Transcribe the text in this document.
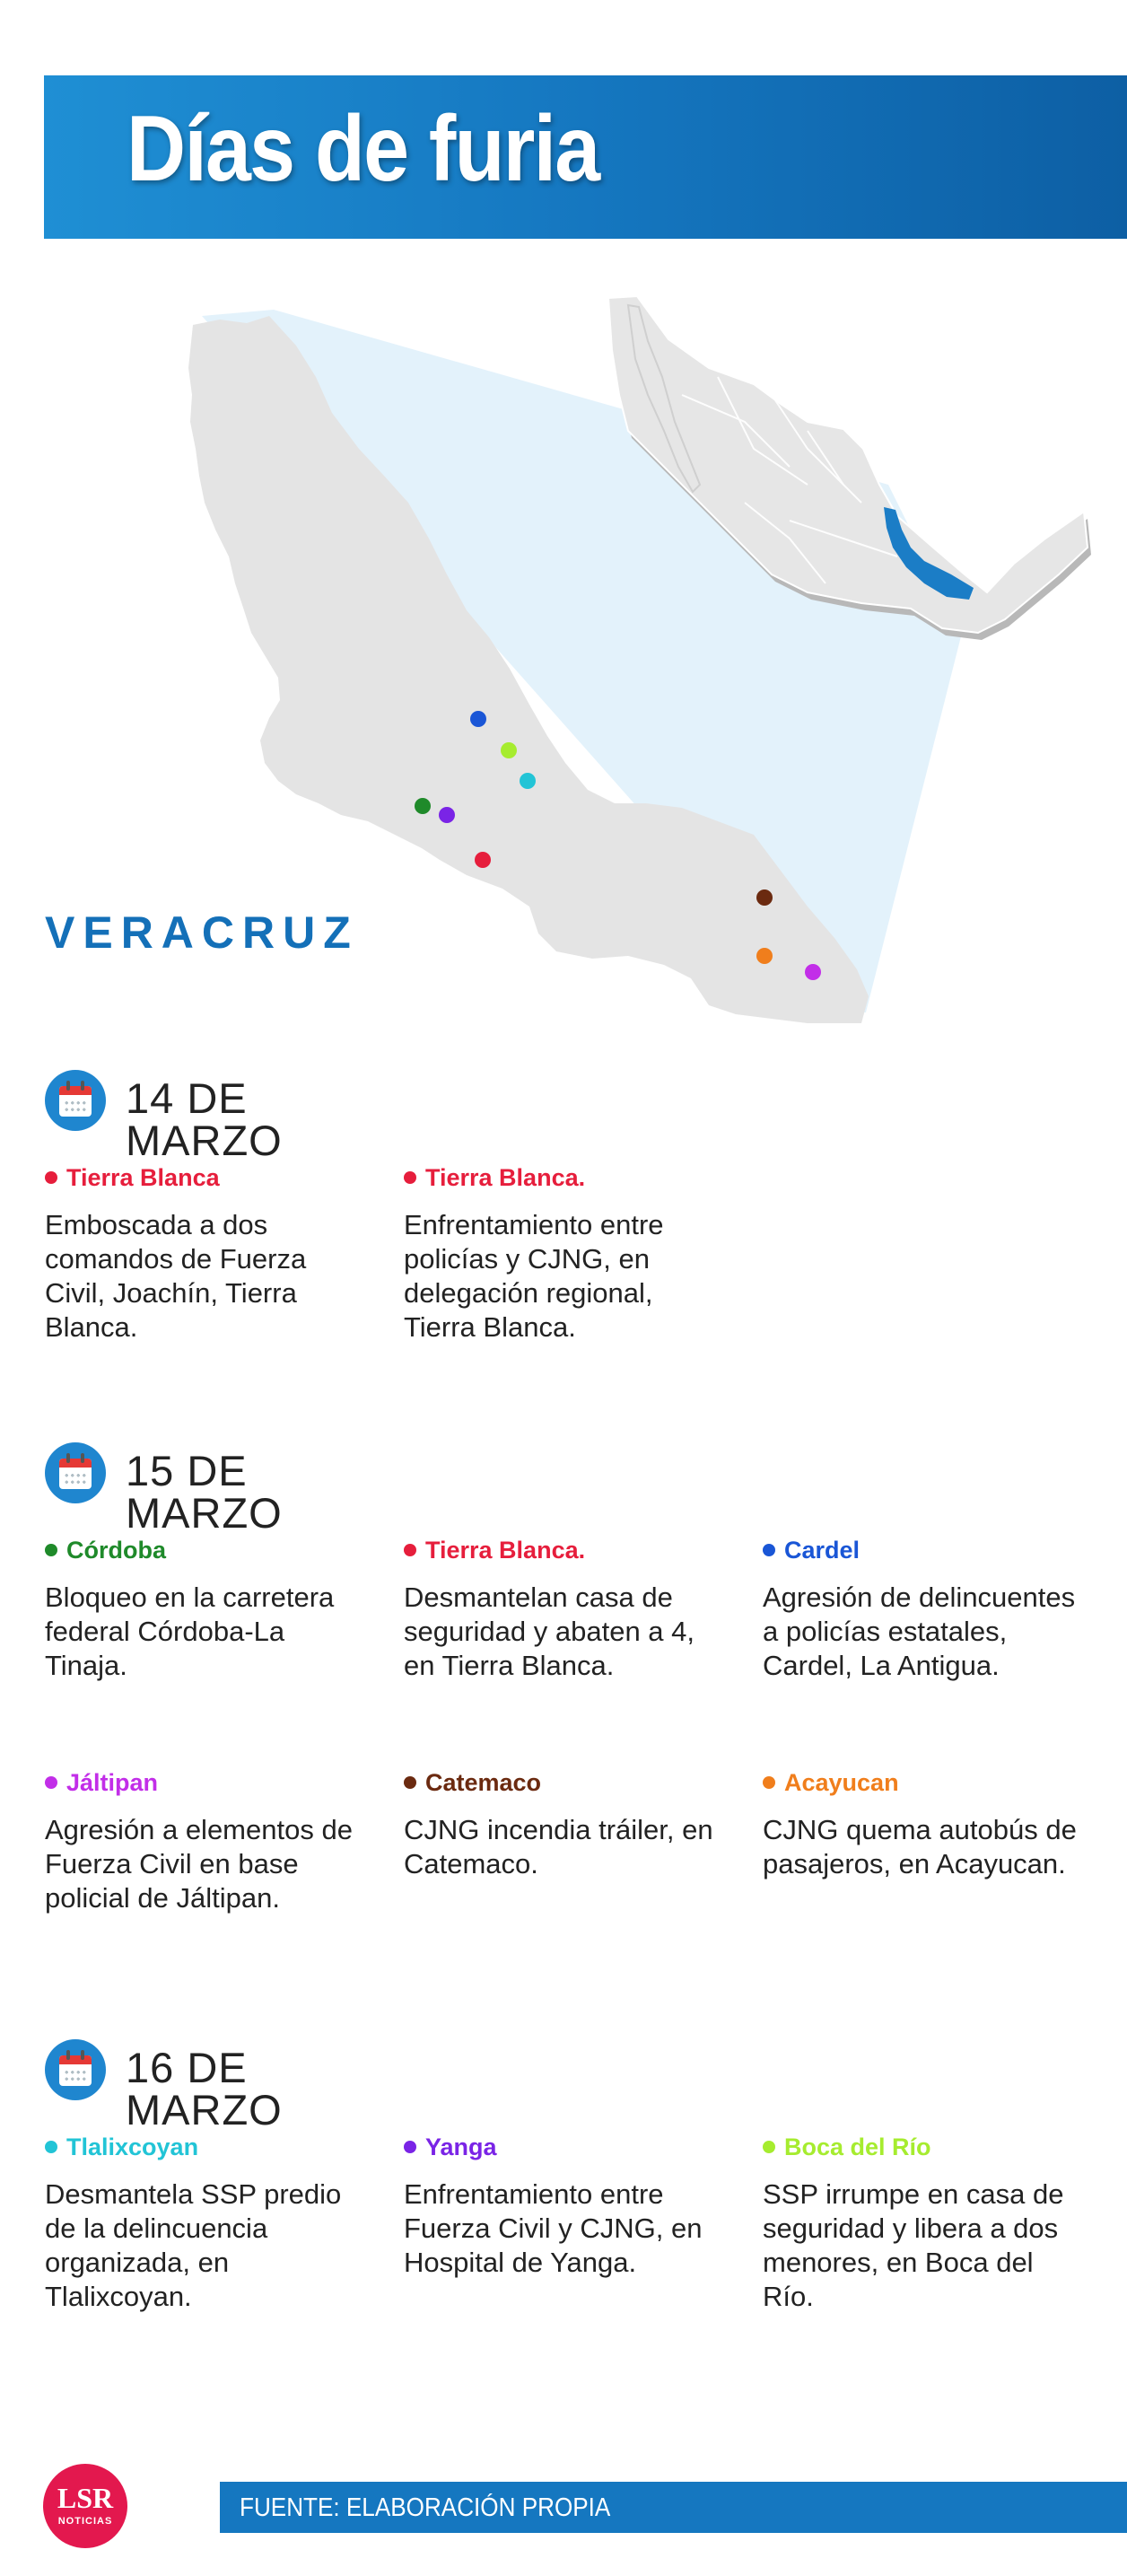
Días de furia
VERACRUZ
14 DE MARZO
Tierra Blanca
Emboscada a dos comandos de Fuerza Civil, Joachín, Tierra Blanca.
Tierra Blanca.
Enfrentamiento entre policías y CJNG, en delegación regional, Tierra Blanca.
15 DE MARZO
Córdoba
Bloqueo en la carretera federal Córdoba-La Tinaja.
Tierra Blanca.
Desmantelan casa de seguridad y abaten a 4, en Tierra Blanca.
Cardel
Agresión de delincuentes a policías estatales, Cardel, La Antigua.
Jáltipan
Agresión a elementos de Fuerza Civil en base policial de Jáltipan.
Catemaco
CJNG incendia tráiler, en Catemaco.
Acayucan
CJNG quema autobús de pasajeros, en Acayucan.
16 DE MARZO
Tlalixcoyan
Desmantela SSP predio de la delincuencia organizada, en Tlalixcoyan.
Yanga
Enfrentamiento entre Fuerza Civil y CJNG, en Hospital de Yanga.
Boca del Río
SSP irrumpe en casa de seguridad y libera a dos menores, en Boca del Río.
LSR
NOTICIAS	FUENTE: ELABORACIÓN PROPIA
